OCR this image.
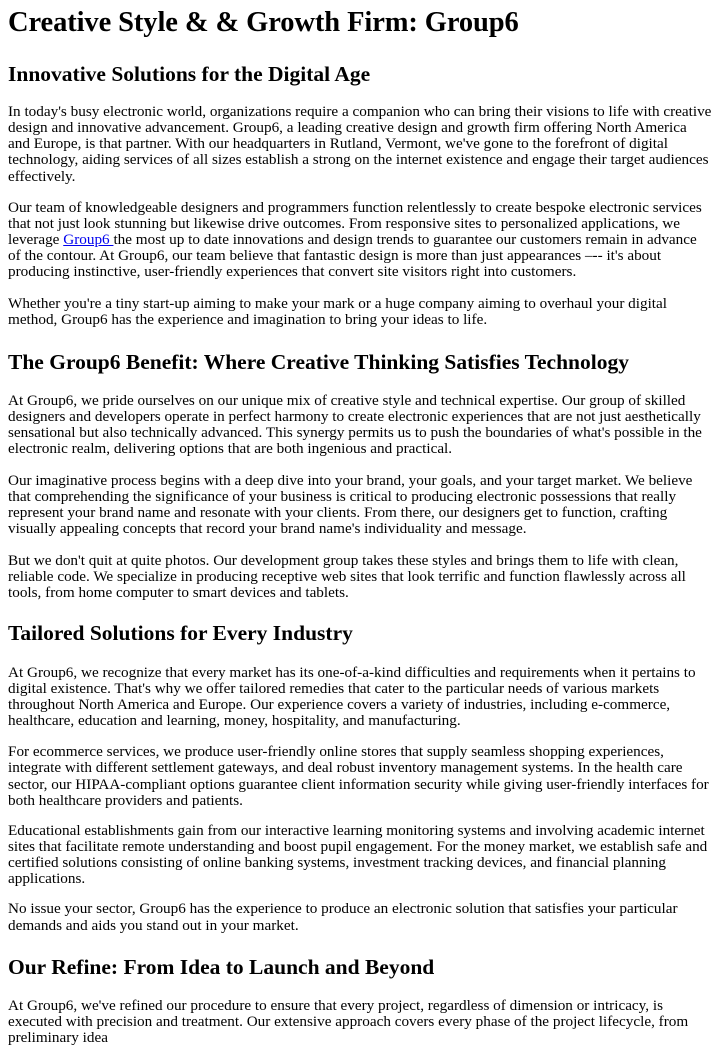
Creative Style & & Growth Firm: Group6
Innovative Solutions for the Digital Age

In today's busy electronic world, organizations require a companion who can bring their visions to life with creative design and innovative advancement. Group6, a leading creative design and growth firm offering North America and Europe, is that partner. With our headquarters in Rutland, Vermont, we've gone to the forefront of digital technology, aiding services of all sizes establish a strong on the internet existence and engage their target audiences effectively.

Our team of knowledgeable designers and programmers function relentlessly to create bespoke electronic services that not just look stunning but likewise drive outcomes. From responsive sites to personalized applications, we leverage Group6 the most up to date innovations and design trends to guarantee our customers remain in advance of the contour. At Group6, our team believe that fantastic design is more than just appearances –-- it's about producing instinctive, user-friendly experiences that convert site visitors right into customers.

Whether you're a tiny start-up aiming to make your mark or a huge company aiming to overhaul your digital method, Group6 has the experience and imagination to bring your ideas to life.

The Group6 Benefit: Where Creative Thinking Satisfies Technology

At Group6, we pride ourselves on our unique mix of creative style and technical expertise. Our group of skilled designers and developers operate in perfect harmony to create electronic experiences that are not just aesthetically sensational but also technically advanced. This synergy permits us to push the boundaries of what's possible in the electronic realm, delivering options that are both ingenious and practical.

Our imaginative process begins with a deep dive into your brand, your goals, and your target market. We believe that comprehending the significance of your business is critical to producing electronic possessions that really represent your brand name and resonate with your clients. From there, our designers get to function, crafting visually appealing concepts that record your brand name's individuality and message.

But we don't quit at quite photos. Our development group takes these styles and brings them to life with clean, reliable code. We specialize in producing receptive web sites that look terrific and function flawlessly across all tools, from home computer to smart devices and tablets.

Tailored Solutions for Every Industry

At Group6, we recognize that every market has its one-of-a-kind difficulties and requirements when it pertains to digital existence. That's why we offer tailored remedies that cater to the particular needs of various markets throughout North America and Europe. Our experience covers a variety of industries, including e-commerce, healthcare, education and learning, money, hospitality, and manufacturing.

For ecommerce services, we produce user-friendly online stores that supply seamless shopping experiences, integrate with different settlement gateways, and deal robust inventory management systems. In the health care sector, our HIPAA-compliant options guarantee client information security while giving user-friendly interfaces for both healthcare providers and patients.

Educational establishments gain from our interactive learning monitoring systems and involving academic internet sites that facilitate remote understanding and boost pupil engagement. For the money market, we establish safe and certified solutions consisting of online banking systems, investment tracking devices, and financial planning applications.

No issue your sector, Group6 has the experience to produce an electronic solution that satisfies your particular demands and aids you stand out in your market.

Our Refine: From Idea to Launch and Beyond

At Group6, we've refined our procedure to ensure that every project, regardless of dimension or intricacy, is executed with precision and treatment. Our extensive approach covers every phase of the project lifecycle, from preliminary idea
